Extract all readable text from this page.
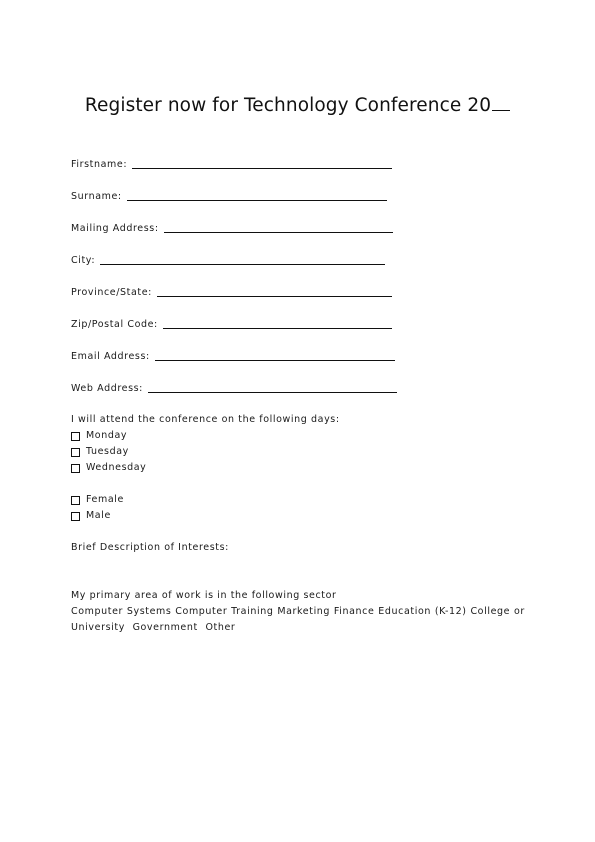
Register now for Technology Conference 20
Firstname:
Surname:
Mailing Address:
City:
Province/State:
Zip/Postal Code:
Email Address:
Web Address:
I will attend the conference on the following days:
Monday
Tuesday
Wednesday
Female
Male
Brief Description of Interests:
My primary area of work is in the following sector
Computer Systems Computer Training Marketing Finance Education (K-12) College or
University Government Other
